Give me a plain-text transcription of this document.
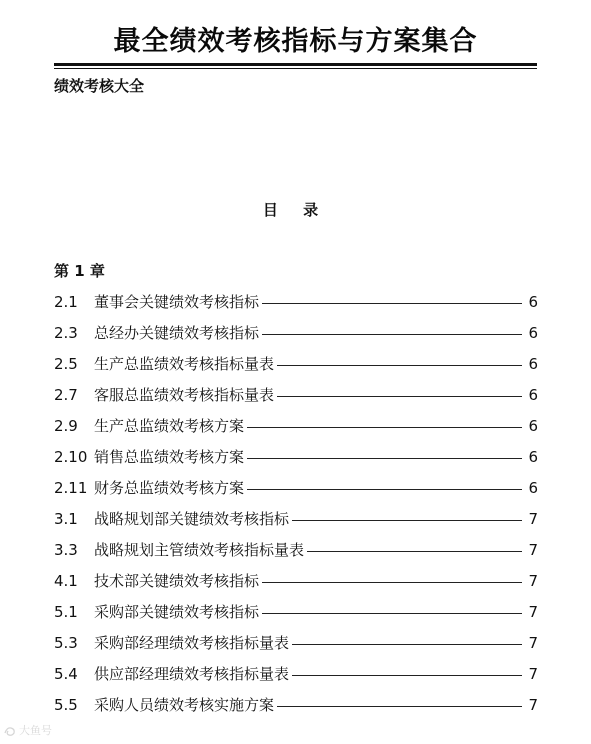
最全绩效考核指标与方案集合
绩效考核大全
目 录
第 1 章
2.1	董事会关键绩效考核指标	6
2.3	总经办关键绩效考核指标	6
2.5	生产总监绩效考核指标量表	6
2.7	客服总监绩效考核指标量表	6
2.9	生产总监绩效考核方案	6
2.10 销售总监绩效考核方案	6
2.11 财务总监绩效考核方案	6
3.1	战略规划部关键绩效考核指标	7
3.3	战略规划主管绩效考核指标量表	7
4.1	技术部关键绩效考核指标	7
5.1	采购部关键绩效考核指标	7
5.3	采购部经理绩效考核指标量表	7
5.4	供应部经理绩效考核指标量表	7
5.5	采购人员绩效考核实施方案	7
大鱼号
